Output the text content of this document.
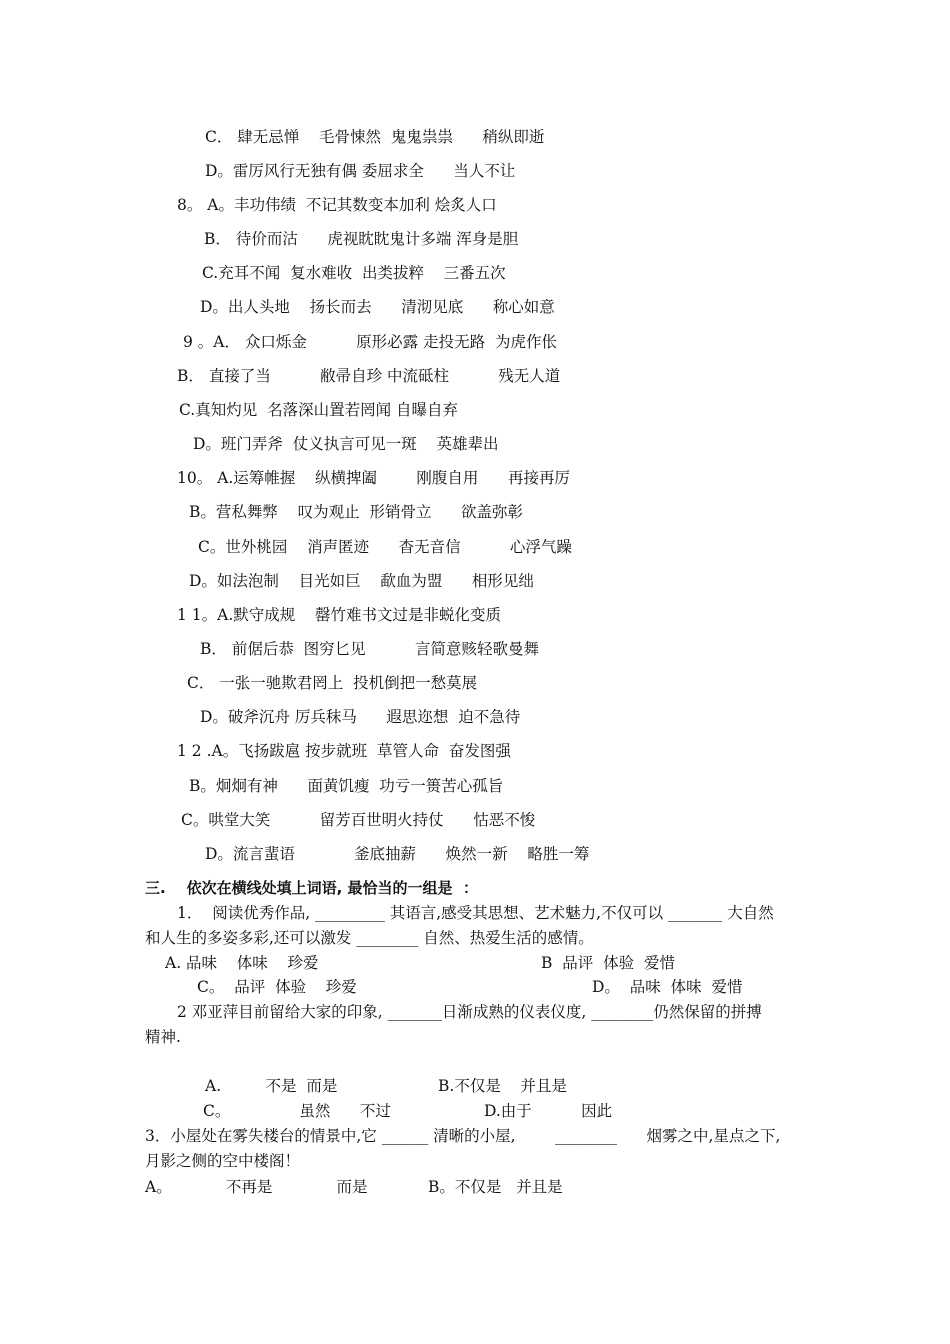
C． 肆无忌惮    毛骨悚然  鬼鬼祟祟      稍纵即逝
D。雷厉风行无独有偶 委屈求全      当人不让
8。 A。丰功伟绩  不记其数变本加利 烩炙人口
B． 待价而沽      虎视眈眈鬼计多端 浑身是胆
C.充耳不闻  复水难收  出类拔粹    三番五次
D。出人头地    扬长而去      清沏见底      称心如意
9 。A． 众口烁金          原形必露 走投无路  为虎作伥
B． 直接了当          敝帚自珍 中流砥柱          残无人道
C.真知灼见  名落深山置若罔闻 自曝自弃
D。班门弄斧  仗义执言可见一斑    英雄辈出
10。 A.运筹帷握    纵横捭阖        刚腹自用      再接再厉
B。营私舞弊    叹为观止  形销骨立      欲盖弥彰
C。世外桃园    消声匿迹      杳无音信          心浮气躁
D。如法泡制    目光如巨    歃血为盟      相形见绌
1 1。A.默守成规    罄竹难书文过是非蜕化变质
B． 前倨后恭  图穷匕见          言简意赅轻歌曼舞
C． 一张一驰欺君罔上  投机倒把一愁莫展
D。破斧沉舟 厉兵秣马      遐思迩想  迫不急待
1 2 .A。飞扬跋扈 按步就班  草管人命  奋发图强
B。炯炯有神      面黄饥瘦  功亏一篑苦心孤旨
C。哄堂大笑          留芳百世明火持仗      怙恶不悛
D。流言蜚语            釜底抽薪      焕然一新    略胜一筹
三.    依次在横线处填上词语, 最恰当的一组是  ：
1．  阅读优秀作品, _________ 其语言,感受其思想、艺术魅力,不仅可以 _______ 大自然
和人生的多姿多彩,还可以激发 ________ 自然、热爱生活的感情。
A. 品味    体味    珍爱	B  品评  体验  爱惜
C。  品评  体验    珍爱	D。  品味  体味  爱惜
2 邓亚萍目前留给大家的印象, _______日渐成熟的仪表仪度, ________仍然保留的拼搏
精神.
A.         不是  而是	B.不仅是    并且是
C。              虽然      不过	D.由于          因此
3．小屋处在雾失楼台的情景中,它 ______ 清晰的小屋,        ________      烟雾之中,星点之下,
月影之侧的空中楼阁！
A。           不再是             而是	B。不仅是   并且是
